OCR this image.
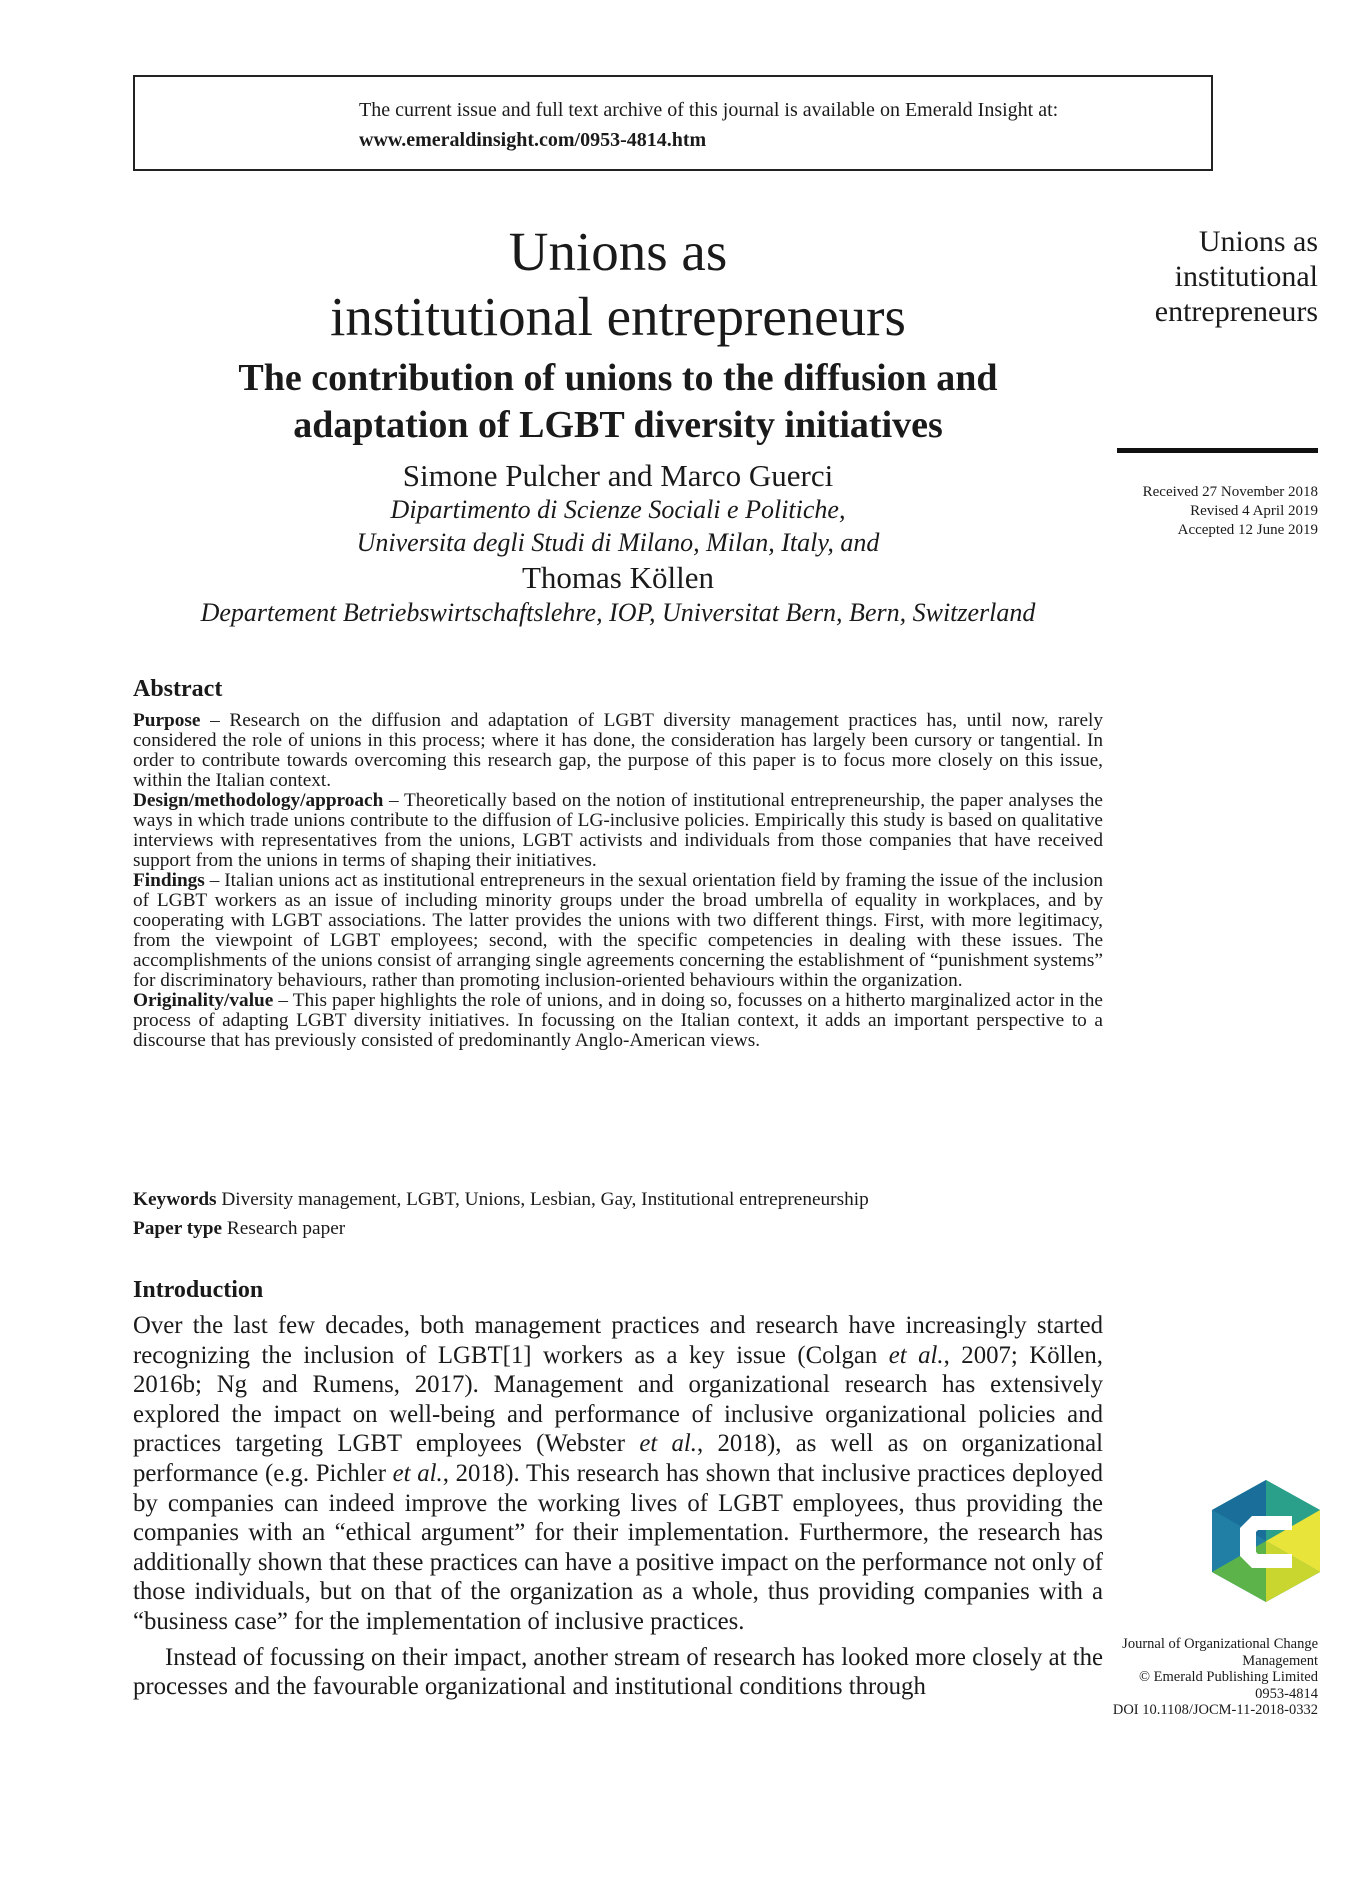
The current issue and full text archive of this journal is available on Emerald Insight at:
www.emeraldinsight.com/0953-4814.htm
Unions as
institutional entrepreneurs
The contribution of unions to the diffusion and
adaptation of LGBT diversity initiatives
Simone Pulcher and Marco Guerci
Dipartimento di Scienze Sociali e Politiche,
Universita degli Studi di Milano, Milan, Italy, and
Thomas Köllen
Departement Betriebswirtschaftslehre, IOP, Universitat Bern, Bern, Switzerland
Unions as
institutional
entrepreneurs
Received 27 November 2018
Revised 4 April 2019
Accepted 12 June 2019
Abstract

Purpose – Research on the diffusion and adaptation of LGBT diversity management practices has, until now, rarely considered the role of unions in this process; where it has done, the consideration has largely been cursory or tangential. In order to contribute towards overcoming this research gap, the purpose of this paper is to focus more closely on this issue, within the Italian context.

Design/methodology/approach – Theoretically based on the notion of institutional entrepreneurship, the paper analyses the ways in which trade unions contribute to the diffusion of LG-inclusive policies. Empirically this study is based on qualitative interviews with representatives from the unions, LGBT activists and individuals from those companies that have received support from the unions in terms of shaping their initiatives.

Findings – Italian unions act as institutional entrepreneurs in the sexual orientation field by framing the issue of the inclusion of LGBT workers as an issue of including minority groups under the broad umbrella of equality in workplaces, and by cooperating with LGBT associations. The latter provides the unions with two different things. First, with more legitimacy, from the viewpoint of LGBT employees; second, with the specific competencies in dealing with these issues. The accomplishments of the unions consist of arranging single agreements concerning the establishment of “punishment systems” for discriminatory behaviours, rather than promoting inclusion-oriented behaviours within the organization.

Originality/value – This paper highlights the role of unions, and in doing so, focusses on a hitherto marginalized actor in the process of adapting LGBT diversity initiatives. In focussing on the Italian context, it adds an important perspective to a discourse that has previously consisted of predominantly Anglo-American views.

Keywords Diversity management, LGBT, Unions, Lesbian, Gay, Institutional entrepreneurship
Paper type Research paper
Introduction

Over the last few decades, both management practices and research have increasingly started recognizing the inclusion of LGBT[1] workers as a key issue (Colgan et al., 2007; Köllen, 2016b; Ng and Rumens, 2017). Management and organizational research has extensively explored the impact on well-being and performance of inclusive organizational policies and practices targeting LGBT employees (Webster et al., 2018), as well as on organizational performance (e.g. Pichler et al., 2018). This research has shown that inclusive practices deployed by companies can indeed improve the working lives of LGBT employees, thus providing the companies with an “ethical argument” for their implementation. Furthermore, the research has additionally shown that these practices can have a positive impact on the performance not only of those individuals, but on that of the organization as a whole, thus providing companies with a “business case” for the implementation of inclusive practices.

Instead of focussing on their impact, another stream of research has looked more closely at the processes and the favourable organizational and institutional conditions through

Journal of Organizational Change
Management
© Emerald Publishing Limited
0953-4814
DOI 10.1108/JOCM-11-2018-0332
